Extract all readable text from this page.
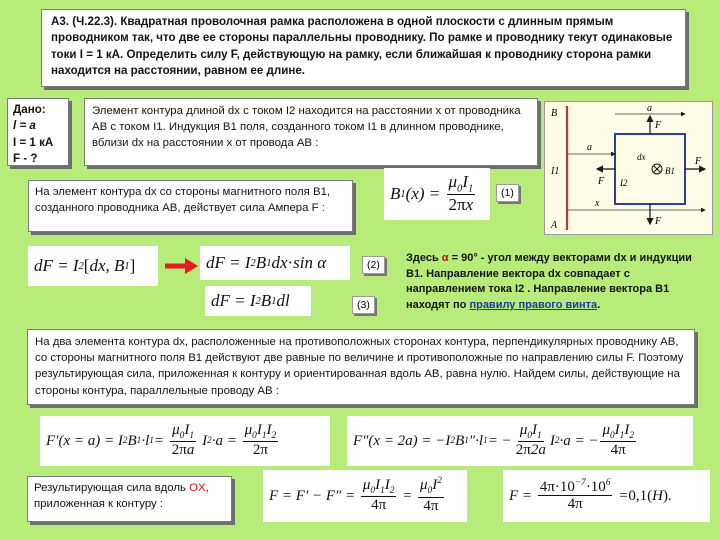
А3. (Ч.22.3). Квадратная проволочная рамка расположена в одной плоскости с длинным прямым проводником так, что две ее стороны параллельны проводнику. По рамке и проводнику текут одинаковые токи I = 1 кА. Определить силу F, действующую на рамку, если ближайшая к проводнику сторона рамки находится на расстоянии, равном ее длине.
Дано:
l = a
I = 1 кА
F - ?
Элемент контура длиной dx с током I2 находится на расстоянии x от проводника АВ с током I1. Индукция B1 поля, созданного током I1 в длинном проводнике, вблизи dx на расстоянии x от провода АВ :
B	a
a
I1
I2
B1
dx
x
A
F
F
F
F
На элемент контура dx со стороны магнитного поля B1, созданного проводника АВ, действует сила Ампера F :
B 1 $(x) = \frac{\mu_0I_1}{2\pi x}$	(1)
dF = I 2 [ dx, B 1 ]	dF = I 2 B 1 dx · sin α	(2)
dF = I 2 B 1 dl	(3)
Здесь α = 90° - угол между векторами dx и индукции B1. Направление вектора dx совпадает с направлением тока I2 . Направление вектора B1 находят по правилу правого винта.
На два элемента контура dx, расположенные на противоположных сторонах контура, перпендикулярных проводнику АВ, со стороны магнитного поля B1 действуют две равные по величине и противоположные по направлению силы F. Поэтому результирующая сила, приложенная к контуру и ориентированная вдоль АВ, равна нулю. Найдем силы, действующие на стороны контура, параллельные проводу АВ :
F′(x = a) = I 2 B 1 ·l $1 = \frac{\mu_0I_1}{2\pi a}$ I $2 \cdot a = \frac{\mu_0I_1I_2}{2\pi}$	F″(x = 2a) = −I 2 B 1 ″·l 1 = − $\frac{\mu_0I_1}{2\pi 2a}$ I 2 ·a = − $\frac{\mu_0I_1I_2}{4\pi}$
Результирующая сила вдоль OX, приложенная к контуру :
$F = F' - F'' = \frac{\mu_0I_1I_2}{4\pi} = \frac{\mu_0I^2}{4\pi}$	$F = \frac{4\pi\cdot 10^{-7}\cdot 10^6}{4\pi} = 0,1$( H ).
